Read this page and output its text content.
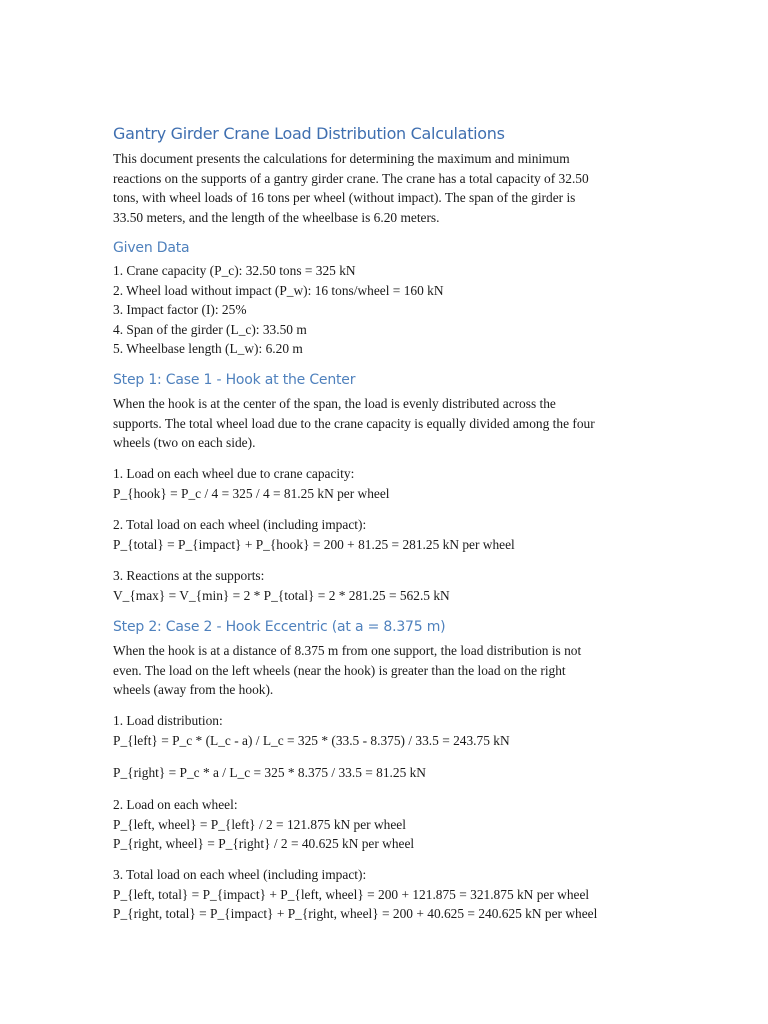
Gantry Girder Crane Load Distribution Calculations
This document presents the calculations for determining the maximum and minimum
reactions on the supports of a gantry girder crane. The crane has a total capacity of 32.50
tons, with wheel loads of 16 tons per wheel (without impact). The span of the girder is
33.50 meters, and the length of the wheelbase is 6.20 meters.
Given Data
1. Crane capacity (P_c): 32.50 tons = 325 kN
2. Wheel load without impact (P_w): 16 tons/wheel = 160 kN
3. Impact factor (I): 25%
4. Span of the girder (L_c): 33.50 m
5. Wheelbase length (L_w): 6.20 m
Step 1: Case 1 - Hook at the Center
When the hook is at the center of the span, the load is evenly distributed across the
supports. The total wheel load due to the crane capacity is equally divided among the four
wheels (two on each side).
1. Load on each wheel due to crane capacity:
P_{hook} = P_c / 4 = 325 / 4 = 81.25 kN per wheel
2. Total load on each wheel (including impact):
P_{total} = P_{impact} + P_{hook} = 200 + 81.25 = 281.25 kN per wheel
3. Reactions at the supports:
V_{max} = V_{min} = 2 * P_{total} = 2 * 281.25 = 562.5 kN
Step 2: Case 2 - Hook Eccentric (at a = 8.375 m)
When the hook is at a distance of 8.375 m from one support, the load distribution is not
even. The load on the left wheels (near the hook) is greater than the load on the right
wheels (away from the hook).
1. Load distribution:
P_{left} = P_c * (L_c - a) / L_c = 325 * (33.5 - 8.375) / 33.5 = 243.75 kN
P_{right} = P_c * a / L_c = 325 * 8.375 / 33.5 = 81.25 kN
2. Load on each wheel:
P_{left, wheel} = P_{left} / 2 = 121.875 kN per wheel
P_{right, wheel} = P_{right} / 2 = 40.625 kN per wheel
3. Total load on each wheel (including impact):
P_{left, total} = P_{impact} + P_{left, wheel} = 200 + 121.875 = 321.875 kN per wheel
P_{right, total} = P_{impact} + P_{right, wheel} = 200 + 40.625 = 240.625 kN per wheel
